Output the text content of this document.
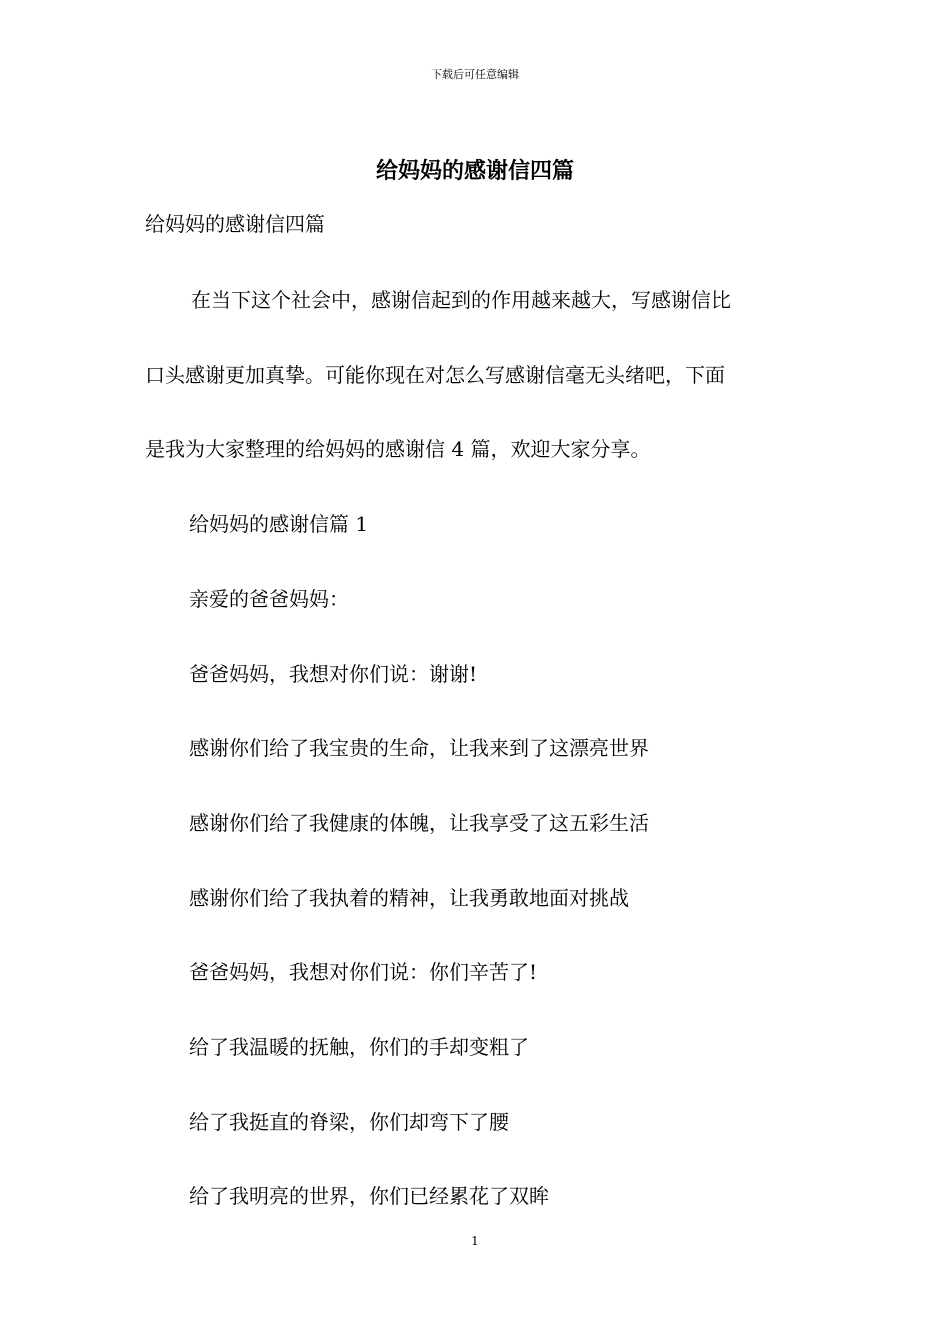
下载后可任意编辑
给妈妈的感谢信四篇
给妈妈的感谢信四篇
在当下这个社会中，感谢信起到的作用越来越大，写感谢信比
口头感谢更加真挚。可能你现在对怎么写感谢信毫无头绪吧，下面
是我为大家整理的给妈妈的感谢信 4 篇，欢迎大家分享。
给妈妈的感谢信篇 1
亲爱的爸爸妈妈：
爸爸妈妈，我想对你们说：谢谢!
感谢你们给了我宝贵的生命，让我来到了这漂亮世界
感谢你们给了我健康的体魄，让我享受了这五彩生活
感谢你们给了我执着的精神，让我勇敢地面对挑战
爸爸妈妈，我想对你们说：你们辛苦了!
给了我温暖的抚触，你们的手却变粗了
给了我挺直的脊梁，你们却弯下了腰
给了我明亮的世界，你们已经累花了双眸
1
